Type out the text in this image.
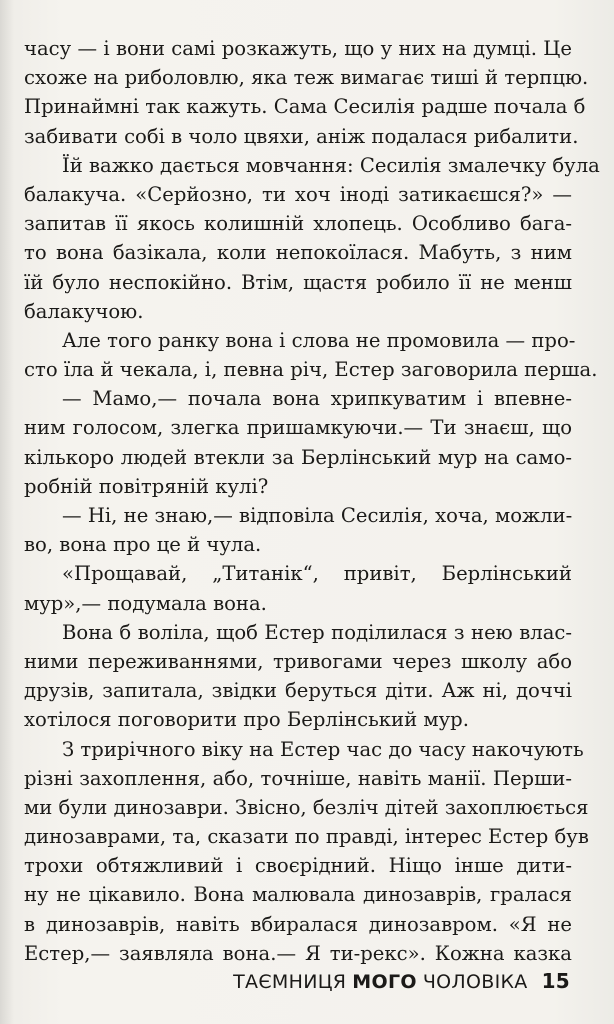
часу — і вони самі розкажуть, що у них на думці. Це
схоже на риболовлю, яка теж вимагає тиші й терпцю.
Принаймні так кажуть. Сама Сесилія радше почала б
забивати собі в чоло цвяхи, аніж подалася рибалити.
Їй важко дається мовчання: Сесилія змалечку була
балакуча. «Серйозно, ти хоч іноді затикаєшся?» —
запитав її якось колишній хлопець. Особливо бага-
то вона базікала, коли непокоїлася. Мабуть, з ним
їй було неспокійно. Втім, щастя робило її не менш
балакучою.
Але того ранку вона і слова не промовила — про-
сто їла й чекала, і, певна річ, Естер заговорила перша.
— Мамо,— почала вона хрипкуватим і впевне-
ним голосом, злегка пришамкуючи.— Ти знаєш, що
кількоро людей втекли за Берлінський мур на само-
робній повітряній кулі?
— Ні, не знаю,— відповіла Сесилія, хоча, можли-
во, вона про це й чула.
«Прощавай, „Титанік“, привіт, Берлінський
мур»,— подумала вона.
Вона б воліла, щоб Естер поділилася з нею влас-
ними переживаннями, тривогами через школу або
друзів, запитала, звідки беруться діти. Аж ні, доччі
хотілося поговорити про Берлінський мур.
З трирічного віку на Естер час до часу накочують
різні захоплення, або, точніше, навіть манії. Перши-
ми були динозаври. Звісно, безліч дітей захоплюється
динозаврами, та, сказати по правді, інтерес Естер був
трохи обтяжливий і своєрідний. Ніщо інше дити-
ну не цікавило. Вона малювала динозаврів, гралася
в динозаврів, навіть вбиралася динозавром. «Я не
Естер,— заявляла вона.— Я ти-рекс». Кожна казка
ТАЄМНИЦЯ МОГО ЧОЛОВІКА 15
